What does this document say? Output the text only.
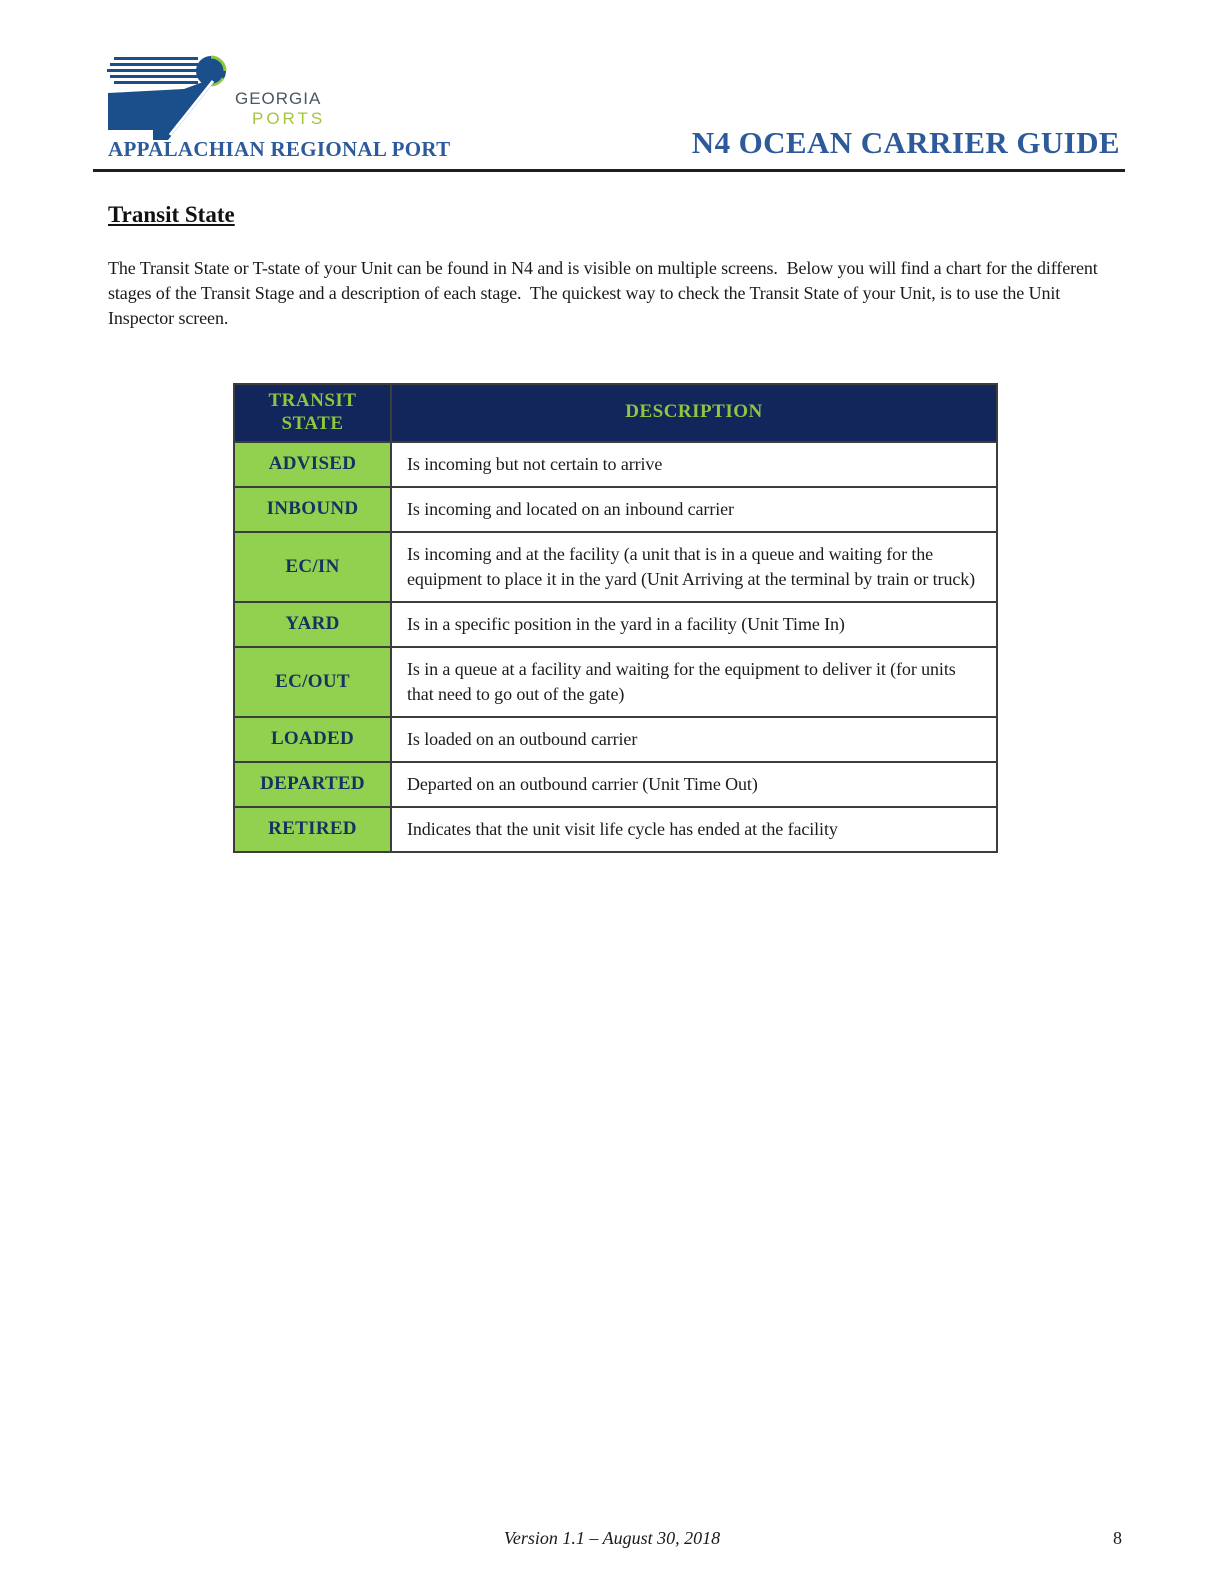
GEORGIA
PORTS
APPALACHIAN REGIONAL PORT	N4 OCEAN CARRIER GUIDE
Transit State

The Transit State or T-state of your Unit can be found in N4 and is visible on multiple screens.  Below you will find a chart for the different stages of the Transit Stage and a description of each stage.  The quickest way to check the Transit State of your Unit, is to use the Unit Inspector screen.

TRANSIT STATE	DESCRIPTION
ADVISED	Is incoming but not certain to arrive
INBOUND	Is incoming and located on an inbound carrier
EC/IN	Is incoming and at the facility (a unit that is in a queue and waiting for the equipment to place it in the yard (Unit Arriving at the terminal by train or truck)
YARD	Is in a specific position in the yard in a facility (Unit Time In)
EC/OUT	Is in a queue at a facility and waiting for the equipment to deliver it (for units that need to go out of the gate)
LOADED	Is loaded on an outbound carrier
DEPARTED	Departed on an outbound carrier (Unit Time Out)
RETIRED	Indicates that the unit visit life cycle has ended at the facility
Version 1.1 – August 30, 2018	8
